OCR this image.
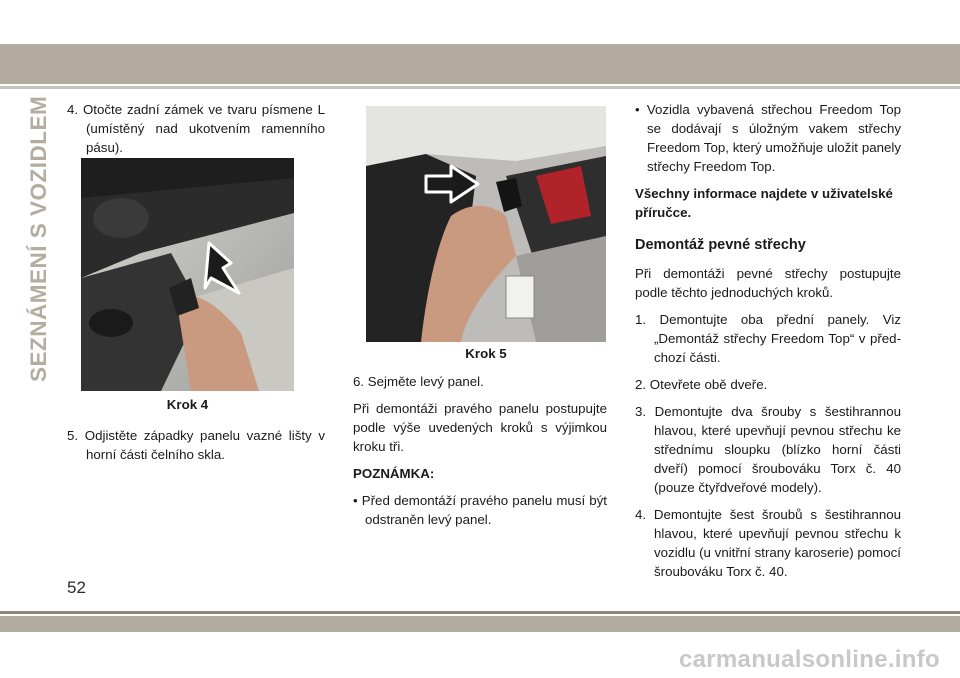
SEZNÁMENÍ S VOZIDLEM 4. Otočte zadní zámek ve tvaru písmene L (umístěný nad ukotvením ramenního pásu).

Krok 4

5. Odjistěte západky panelu vazné lišty v horní části čelního skla.

Krok 5

6. Sejměte levý panel.

Při demontáži pravého panelu postupujte podle výše uvedených kroků s výjimkou kroku tři.

POZNÁMKA:

• Před demontáží pravého panelu musí být odstraněn levý panel.

• Vozidla vybavená střechou Freedom Top se dodávají s úložným vakem střechy Freedom Top, který umožňuje uložit panely střechy Freedom Top.

Všechny informace najdete v uživatelské příručce.

Demontáž pevné střechy

Při demontáži pevné střechy postupujte podle těchto jednoduchých kroků.

1. Demontujte oba přední panely. Viz „Demontáž střechy Freedom Top“ v před- chozí části.

2. Otevřete obě dveře.

3. Demontujte dva šrouby s šestihrannou hlavou, které upevňují pevnou střechu ke střednímu sloupku (blízko horní části dveří) pomocí šroubováku Torx č. 40 (pouze čtyřdveřové modely).

4. Demontujte šest šroubů s šestihrannou hlavou, které upevňují pevnou střechu k vozidlu (u vnitřní strany karoserie) pomocí šroubováku Torx č. 40.

52
carmanualsonline.info
